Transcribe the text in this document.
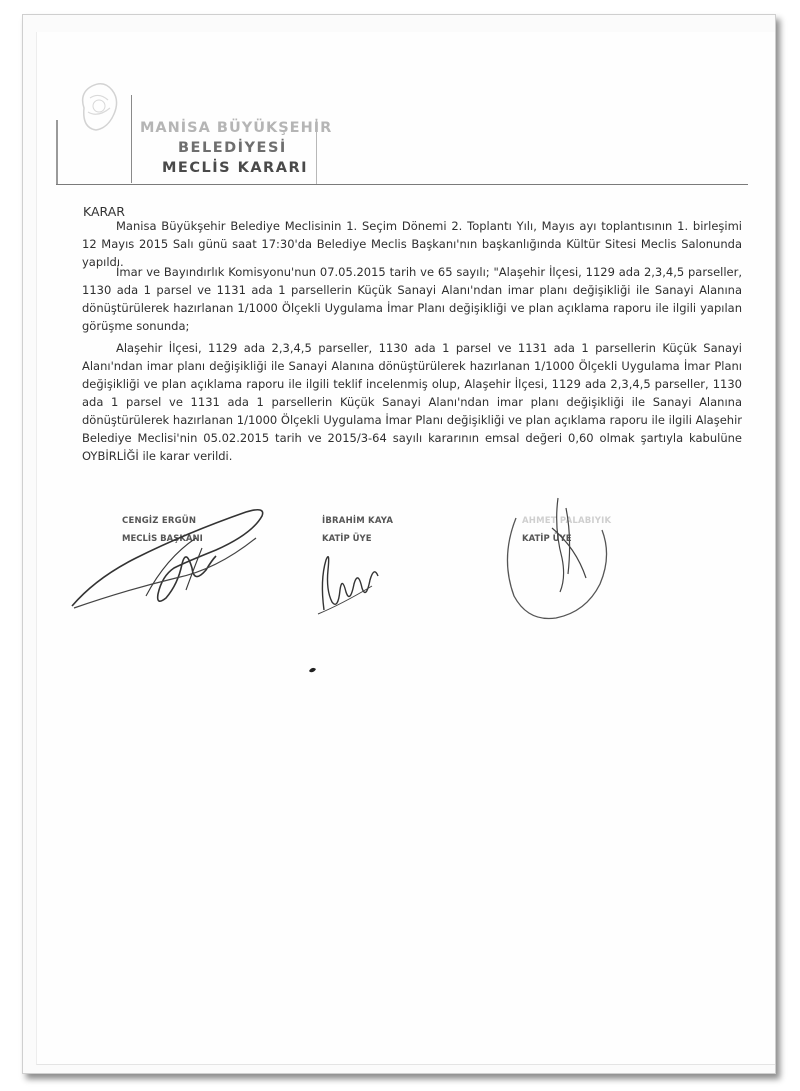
MANİSA BÜYÜKŞEHİR
BELEDİYESİ
MECLİS KARARI
KARAR
Manisa Büyükşehir Belediye Meclisinin 1. Seçim Dönemi 2. Toplantı Yılı, Mayıs ayı toplantısının 1. birleşimi 12 Mayıs 2015 Salı günü saat 17:30'da Belediye Meclis Başkanı'nın başkanlığında Kültür Sitesi Meclis Salonunda yapıldı.
İmar ve Bayındırlık Komisyonu'nun 07.05.2015 tarih ve 65 sayılı; "Alaşehir İlçesi, 1129 ada 2,3,4,5 parseller, 1130 ada 1 parsel ve 1131 ada 1 parsellerin Küçük Sanayi Alanı'ndan imar planı değişikliği ile Sanayi Alanına dönüştürülerek hazırlanan 1/1000 Ölçekli Uygulama İmar Planı değişikliği ve plan açıklama raporu ile ilgili yapılan görüşme sonunda;
Alaşehir İlçesi, 1129 ada 2,3,4,5 parseller, 1130 ada 1 parsel ve 1131 ada 1 parsellerin Küçük Sanayi Alanı'ndan imar planı değişikliği ile Sanayi Alanına dönüştürülerek hazırlanan 1/1000 Ölçekli Uygulama İmar Planı değişikliği ve plan açıklama raporu ile ilgili teklif incelenmiş olup, Alaşehir İlçesi, 1129 ada 2,3,4,5 parseller, 1130 ada 1 parsel ve 1131 ada 1 parsellerin Küçük Sanayi Alanı'ndan imar planı değişikliği ile Sanayi Alanına dönüştürülerek hazırlanan 1/1000 Ölçekli Uygulama İmar Planı değişikliği ve plan açıklama raporu ile ilgili Alaşehir Belediye Meclisi'nin 05.02.2015 tarih ve 2015/3-64 sayılı kararının emsal değeri 0,60 olmak şartıyla kabulüne OYBİRLİĞİ ile karar verildi.
CENGİZ ERGÜN
MECLİS BAŞKANI
İBRAHİM KAYA
KATİP ÜYE
AHMET PALABIYIK
KATİP ÜYE
